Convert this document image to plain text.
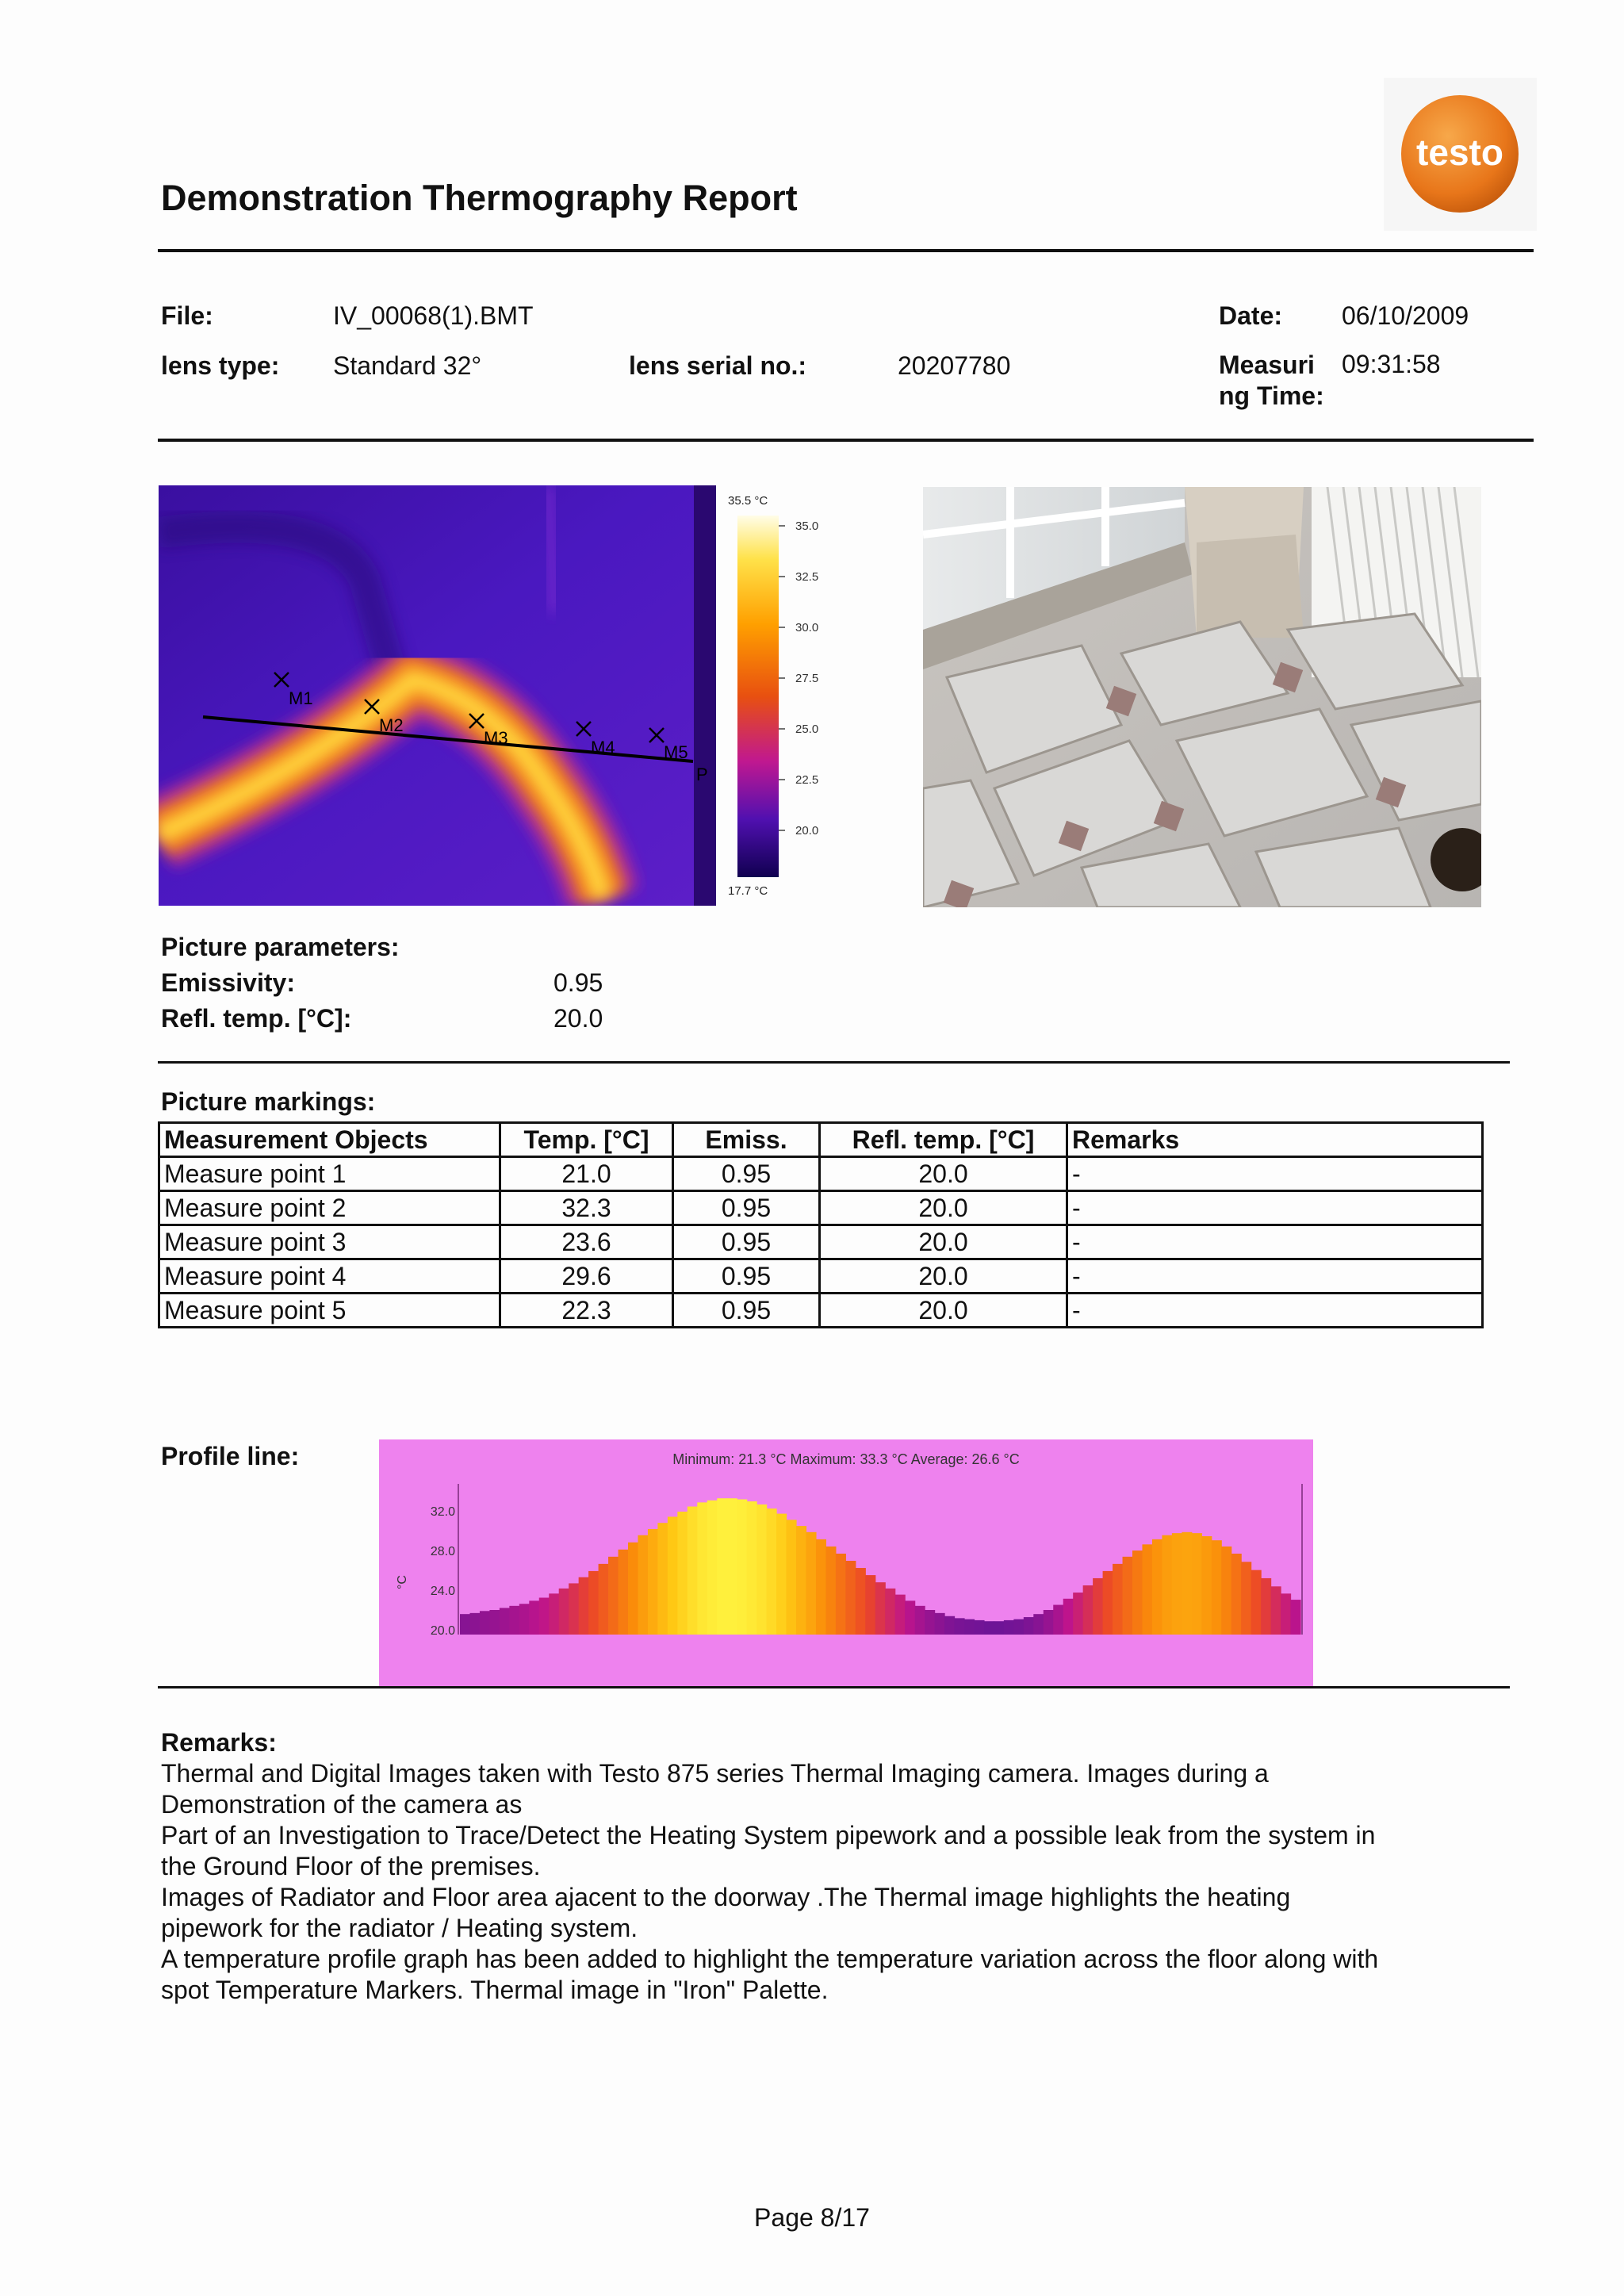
Demonstration Thermography Report
testo
File:	IV_00068(1).BMT	Date: 06/10/2009
lens type: Standard 32°	lens serial no.:	20207780	Measuri
ng Time:
09:31:58
M1
M2
M3	M4	M5
P
35.5 °C
35.0
32.5
30.0
27.5
25.0
22.5
20.0
17.7 °C
Picture parameters:
Emissivity:	0.95
Refl. temp. [°C]:	20.0
Picture markings:
Measurement Objects	Temp. [°C]	Emiss.	Refl. temp. [°C]	Remarks
Measure point 1	21.0	0.95	20.0	-
Measure point 2	32.3	0.95	20.0	-
Measure point 3	23.6	0.95	20.0	-
Measure point 4	29.6	0.95	20.0	-
Measure point 5	22.3	0.95	20.0	-
Profile line:	Minimum: 21.3 °C Maximum: 33.3 °C Average: 26.6 °C
°C
32.0
28.0
24.0
20.0

Remarks:

Thermal and Digital Images taken with Testo 875 series Thermal Imaging camera. Images during a

Demonstration of the camera as

Part of an Investigation to Trace/Detect the Heating System pipework and a possible leak from the system in

the Ground Floor of the premises.

Images of Radiator and Floor area ajacent to the doorway .The Thermal image highlights the heating

pipework for the radiator / Heating system.

A temperature profile graph has been added to highlight the temperature variation across the floor along with

spot Temperature Markers. Thermal image in "Iron" Palette.

Page 8/17
